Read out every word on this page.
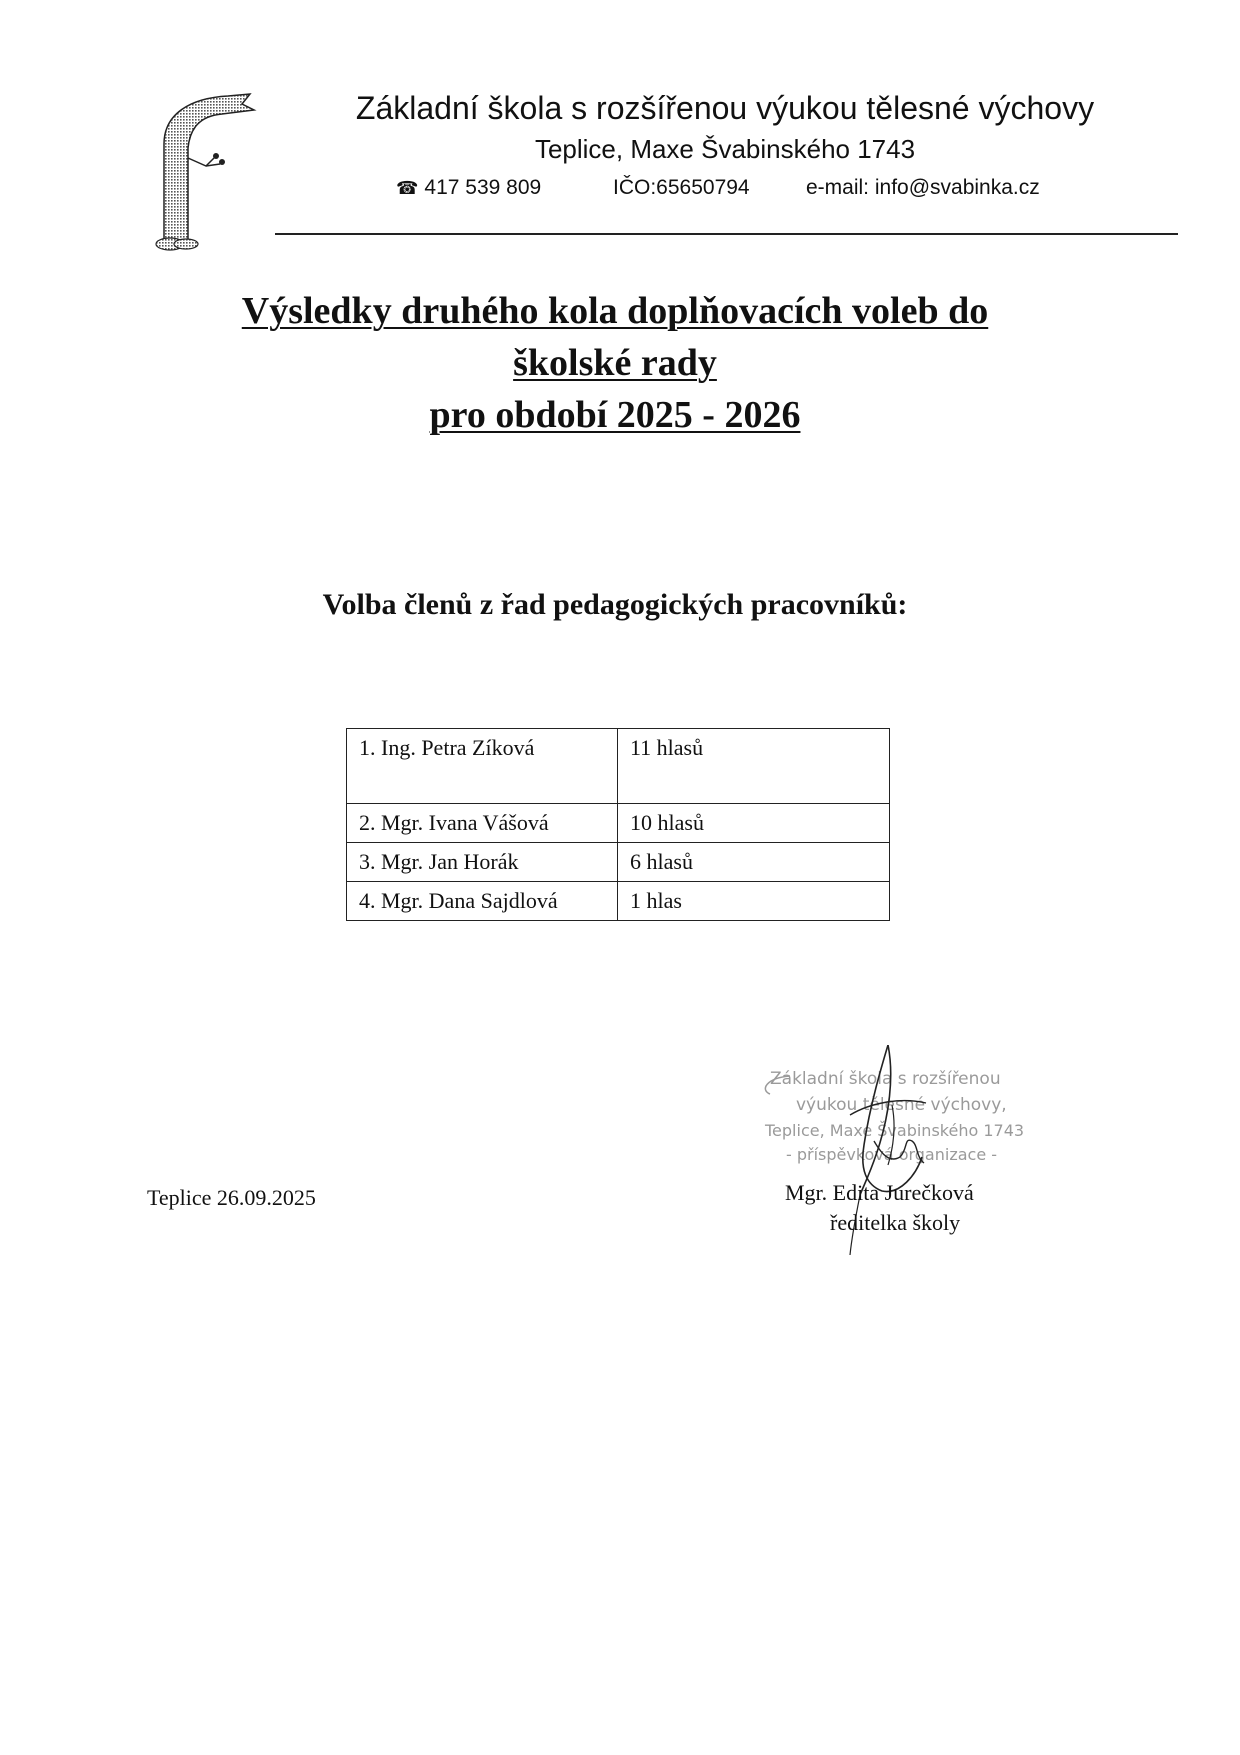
Základní škola s rozšířenou výukou tělesné výchovy
Teplice, Maxe Švabinského 1743
☎ 417 539 809	IČO:65650794	e-mail: info@svabinka.cz
Výsledky druhého kola doplňovacích voleb do
školské rady
pro období 2025 - 2026
Volba členů z řad pedagogických pracovníků:
1. Ing. Petra Zíková	11 hlasů
2. Mgr. Ivana Vášová	10 hlasů
3. Mgr. Jan Horák	6 hlasů
4. Mgr. Dana Sajdlová	1 hlas
Teplice 26.09.2025
Základní škola s rozšířenou
výukou tělesné výchovy,
Teplice, Maxe Švabinského 1743
- příspěvková organizace -
Mgr. Edita Jurečková
ředitelka školy
